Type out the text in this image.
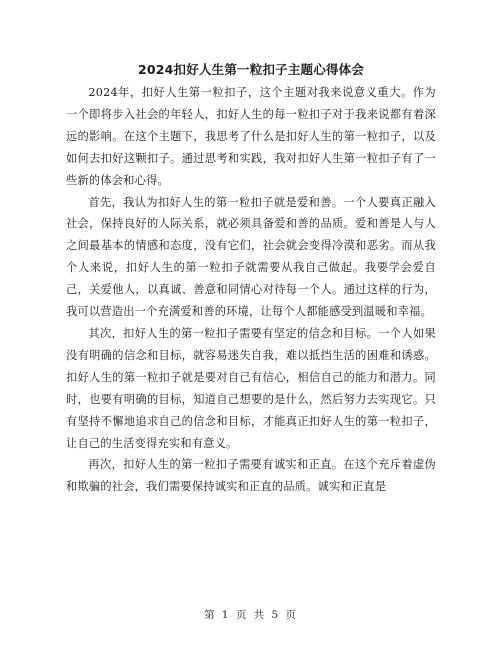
2024扣好人生第一粒扣子主题心得体会

2024年，扣好人生第一粒扣子，这个主题对我来说意义重大。作为一个即将步入社会的年轻人，扣好人生的每一粒扣子对于我来说都有着深远的影响。在这个主题下，我思考了什么是扣好人生的第一粒扣子，以及如何去扣好这颗扣子。通过思考和实践，我对扣好人生第一粒扣子有了一些新的体会和心得。

首先，我认为扣好人生的第一粒扣子就是爱和善。一个人要真正融入社会，保持良好的人际关系，就必须具备爱和善的品质。爱和善是人与人之间最基本的情感和态度，没有它们，社会就会变得冷漠和恶劣。而从我个人来说，扣好人生的第一粒扣子就需要从我自己做起。我要学会爱自己，关爱他人，以真诚、善意和同情心对待每一个人。通过这样的行为，我可以营造出一个充满爱和善的环境，让每个人都能感受到温暖和幸福。

其次，扣好人生的第一粒扣子需要有坚定的信念和目标。一个人如果没有明确的信念和目标，就容易迷失自我，难以抵挡生活的困难和诱惑。扣好人生的第一粒扣子就是要对自己有信心，相信自己的能力和潜力。同时，也要有明确的目标，知道自己想要的是什么，然后努力去实现它。只有坚持不懈地追求自己的信念和目标，才能真正扣好人生的第一粒扣子，让自己的生活变得充实和有意义。

再次，扣好人生的第一粒扣子需要有诚实和正直。在这个充斥着虚伪和欺骗的社会，我们需要保持诚实和正直的品质。诚实和正直是

第 1 页 共 5 页
